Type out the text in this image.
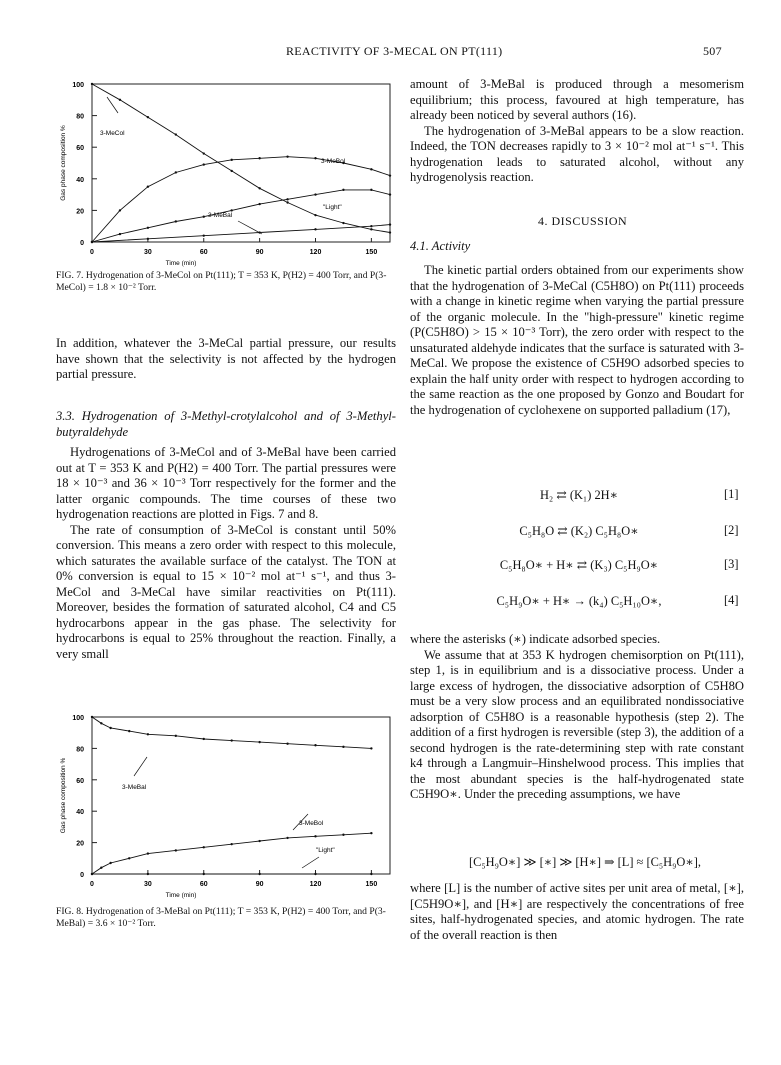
REACTIVITY OF 3-MECAL ON PT(111)	507
100
80
60
40
20
0
0	30	60	90	120	150
Time (min)
Gas phase composition %	3-MeCol
3-MeBol
"Light"
3-MeBal
FIG. 7. Hydrogenation of 3-MeCol on Pt(111); T = 353 K, P(H2) = 400 Torr, and P(3-MeCol) = 1.8 × 10⁻² Torr.

In addition, whatever the 3-MeCal partial pressure, our results have shown that the selectivity is not affected by the hydrogen partial pressure.

3.3. Hydrogenation of 3-Methyl-crotylalcohol and of 3-Methyl-butyraldehyde

Hydrogenations of 3-MeCol and of 3-MeBal have been carried out at T = 353 K and P(H2) = 400 Torr. The partial pressures were 18 × 10⁻³ and 36 × 10⁻³ Torr respectively for the former and the latter organic compounds. The time courses of these two hydrogenation reactions are plotted in Figs. 7 and 8.

The rate of consumption of 3-MeCol is constant until 50% conversion. This means a zero order with respect to this molecule, which saturates the available surface of the catalyst. The TON at 0% conversion is equal to 15 × 10⁻² mol at⁻¹ s⁻¹, and thus 3-MeCol and 3-MeCal have similar reactivities on Pt(111). Moreover, besides the formation of saturated alcohol, C4 and C5 hydrocarbons appear in the gas phase. The selectivity for hydrocarbons is equal to 25% throughout the reaction. Finally, a very small

100
80
60
40
20
0
0	30	60	90	120	150
Time (min)
Gas phase composition %	3-MeBal
3-MeBol
"Light"
FIG. 8. Hydrogenation of 3-MeBal on Pt(111); T = 353 K, P(H2) = 400 Torr, and P(3-MeBal) = 3.6 × 10⁻² Torr.

amount of 3-MeBal is produced through a mesomerism equilibrium; this process, favoured at high temperature, has already been noticed by several authors (16).

The hydrogenation of 3-MeBal appears to be a slow reaction. Indeed, the TON decreases rapidly to 3 × 10⁻² mol at⁻¹ s⁻¹. This hydrogenation leads to saturated alcohol, without any hydrogenolysis reaction.

4. DISCUSSION
4.1. Activity

The kinetic partial orders obtained from our experiments show that the hydrogenation of 3-MeCal (C5H8O) on Pt(111) proceeds with a change in kinetic regime when varying the partial pressure of the organic molecule. In the "high-pressure" kinetic regime (P(C5H8O) > 15 × 10⁻³ Torr), the zero order with respect to the unsaturated aldehyde indicates that the surface is saturated with 3-MeCal. We propose the existence of C5H9O adsorbed species to explain the half unity order with respect to hydrogen according to the same reaction as the one proposed by Gonzo and Boudart for the hydrogenation of cyclohexene on supported palladium (17),

H₂ ⇄ (K₁) 2H∗	[1]
C₅H₈O ⇄ (K₂) C₅H₈O∗	[2]
C₅H₈O∗ + H∗ ⇄ (K₃) C₅H₉O∗	[3]
C₅H₉O∗ + H∗ → (k₄) C₅H₁₀O∗,	[4]

where the asterisks (∗) indicate adsorbed species.

We assume that at 353 K hydrogen chemisorption on Pt(111), step 1, is in equilibrium and is a dissociative process. Under a large excess of hydrogen, the dissociative adsorption of C5H8O must be a very slow process and an equilibrated nondissociative adsorption of C5H8O is a reasonable hypothesis (step 2). The addition of a first hydrogen is reversible (step 3), the addition of a second hydrogen is the rate-determining step with rate constant k4 through a Langmuir–Hinshelwood process. This implies that the most abundant species is the half-hydrogenated state C5H9O∗. Under the preceding assumptions, we have

[C₅H₉O∗] ≫ [∗] ≫ [H∗] ⇒ [L] ≈ [C₅H₉O∗],

where [L] is the number of active sites per unit area of metal, [∗], [C5H9O∗], and [H∗] are respectively the concentrations of free sites, half-hydrogenated species, and atomic hydrogen. The rate of the overall reaction is then
